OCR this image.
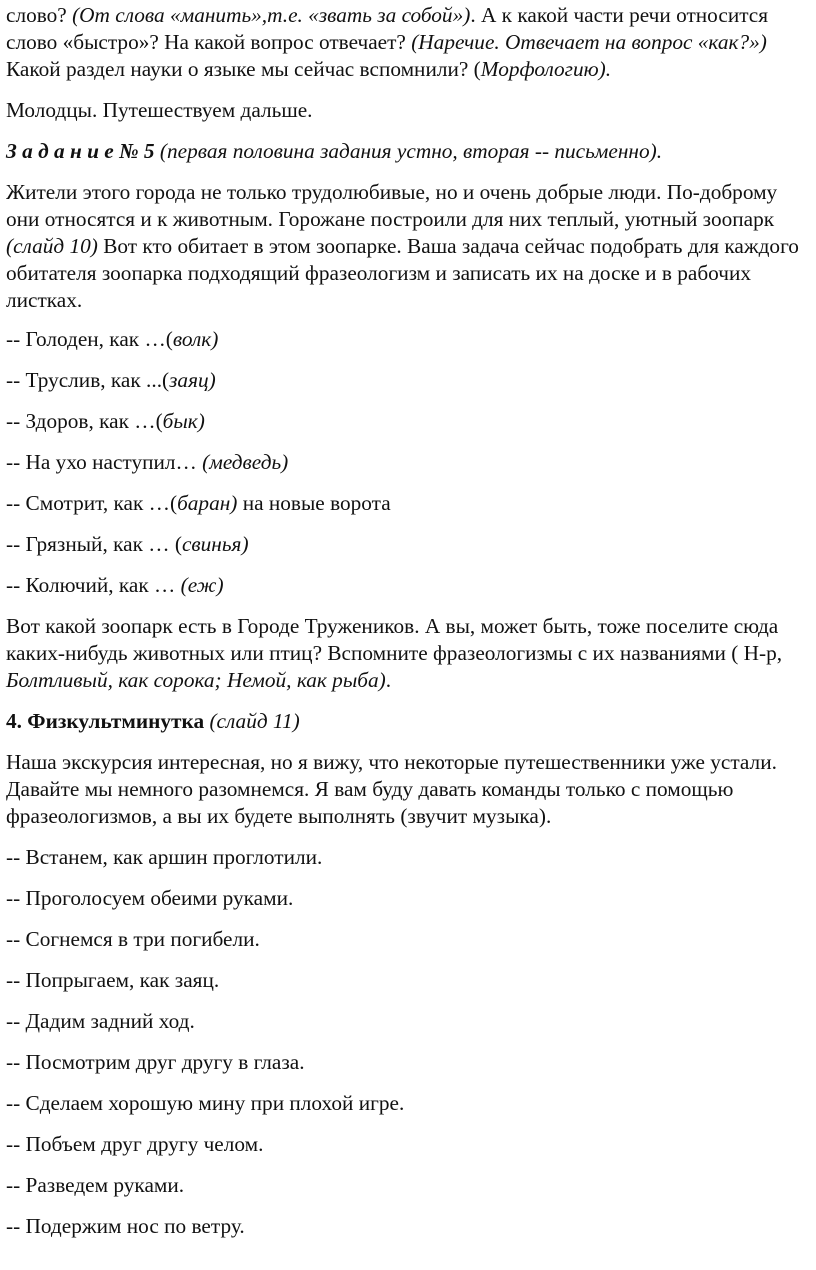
слово? (От слова «манить»,т.е. «звать за собой»). А к какой части речи относится слово «быстро»? На какой вопрос отвечает? (Наречие. Отвечает на вопрос «как?») Какой раздел науки о языке мы сейчас вспомнили? (Морфологию).

Молодцы. Путешествуем дальше.

З а д а н и е № 5 (первая половина задания устно, вторая -- письменно).

Жители этого города не только трудолюбивые, но и очень добрые люди. По-доброму они относятся и к животным. Горожане построили для них теплый, уютный зоопарк (слайд 10) Вот кто обитает в этом зоопарке. Ваша задача сейчас подобрать для каждого обитателя зоопарка подходящий фразеологизм и записать их на доске и в рабочих листках.

-- Голоден, как …(волк)

-- Труслив, как ...(заяц)

-- Здоров, как …(бык)

-- На ухо наступил… (медведь)

-- Смотрит, как …(баран) на новые ворота

-- Грязный, как … (свинья)

-- Колючий, как … (еж)

Вот какой зоопарк есть в Городе Тружеников. А вы, может быть, тоже поселите сюда каких-нибудь животных или птиц? Вспомните фразеологизмы с их названиями ( Н-р, Болтливый, как сорока; Немой, как рыба).

4. Физкультминутка (слайд 11)

Наша экскурсия интересная, но я вижу, что некоторые путешественники уже устали. Давайте мы немного разомнемся. Я вам буду давать команды только с помощью фразеологизмов, а вы их будете выполнять (звучит музыка).

-- Встанем, как аршин проглотили.

-- Проголосуем обеими руками.

-- Согнемся в три погибели.

-- Попрыгаем, как заяц.

-- Дадим задний ход.

-- Посмотрим друг другу в глаза.

-- Сделаем хорошую мину при плохой игре.

-- Побъем друг другу челом.

-- Разведем руками.

-- Подержим нос по ветру.
